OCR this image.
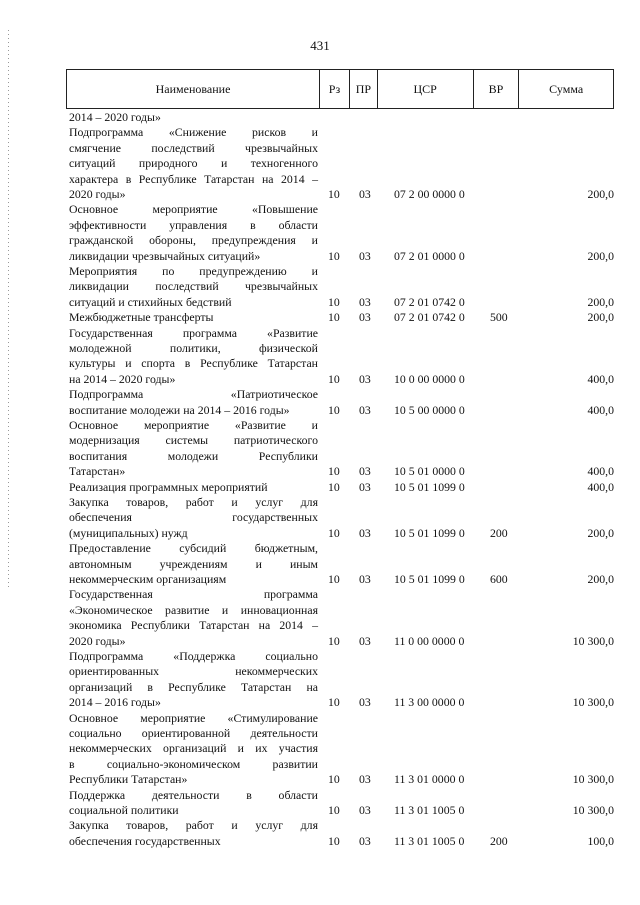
431
Наименование	Рз	ПР	ЦСР	ВР	Сумма
2014 – 2020 годы»
Подпрограмма «Снижение рисков и
смягчение последствий чрезвычайных
ситуаций природного и техногенного
характера в Республике Татарстан на 2014 –
2020 годы»	10	03	07 2 00 0000 0	200,0
Основное мероприятие «Повышение
эффективности управления в области
гражданской обороны, предупреждения и
ликвидации чрезвычайных ситуаций»	10	03	07 2 01 0000 0	200,0
Мероприятия по предупреждению и
ликвидации последствий чрезвычайных
ситуаций и стихийных бедствий	10	03	07 2 01 0742 0	200,0
Межбюджетные трансферты	10	03	07 2 01 0742 0	500	200,0
Государственная программа «Развитие
молодежной политики, физической
культуры и спорта в Республике Татарстан
на 2014 – 2020 годы»	10	03	10 0 00 0000 0	400,0
Подпрограмма «Патриотическое
воспитание молодежи на 2014 – 2016 годы»	10	03	10 5 00 0000 0	400,0
Основное мероприятие «Развитие и
модернизация системы патриотического
воспитания молодежи Республики
Татарстан»	10	03	10 5 01 0000 0	400,0
Реализация программных мероприятий	10	03	10 5 01 1099 0	400,0
Закупка товаров, работ и услуг для
обеспечения государственных
(муниципальных) нужд	10	03	10 5 01 1099 0	200	200,0
Предоставление субсидий бюджетным,
автономным учреждениям и иным
некоммерческим организациям	10	03	10 5 01 1099 0	600	200,0
Государственная программа
«Экономическое развитие и инновационная
экономика Республики Татарстан на 2014 –
2020 годы»	10	03	11 0 00 0000 0	10 300,0
Подпрограмма «Поддержка социально
ориентированных некоммерческих
организаций в Республике Татарстан на
2014 – 2016 годы»	10	03	11 3 00 0000 0	10 300,0
Основное мероприятие «Стимулирование
социально ориентированной деятельности
некоммерческих организаций и их участия
в социально-экономическом развитии
Республики Татарстан»	10	03	11 3 01 0000 0	10 300,0
Поддержка деятельности в области
социальной политики	10	03	11 3 01 1005 0	10 300,0
Закупка товаров, работ и услуг для
обеспечения государственных	10	03	11 3 01 1005 0	200	100,0
